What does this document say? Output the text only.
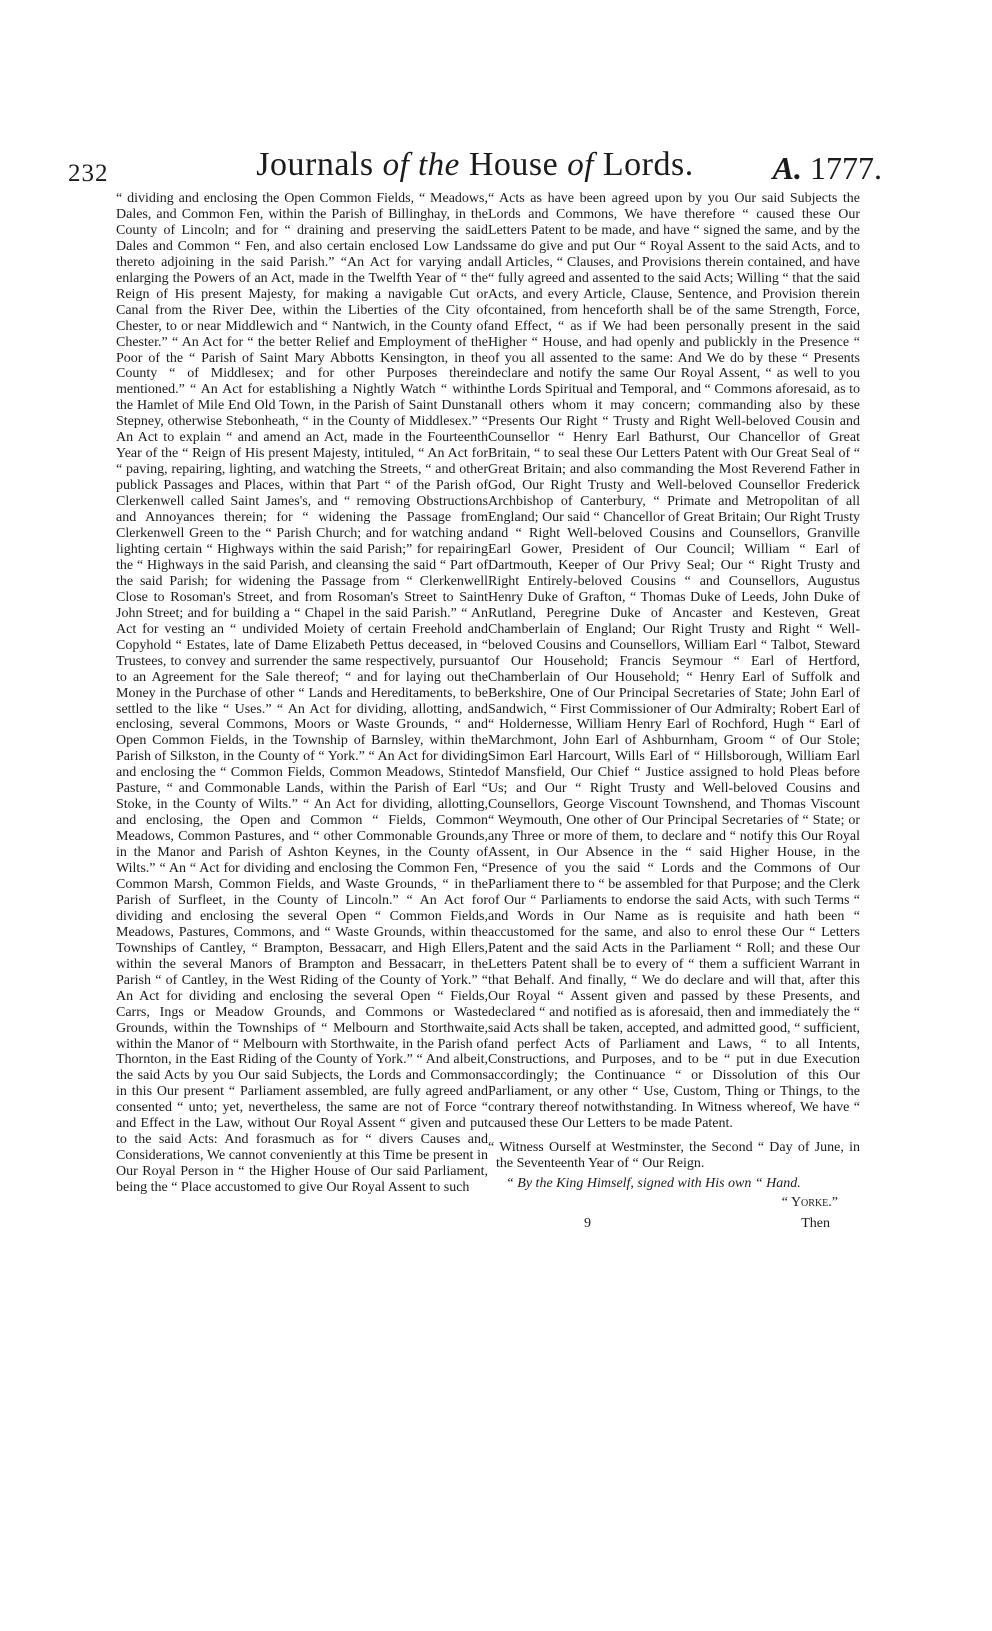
232	Journals of the House of Lords.	A. 1777.

“ dividing and enclosing the Open Common Fields, “ Meadows, Dales, and Common Fen, within the Parish of Billinghay, in the County of Lincoln; and for “ draining and preserving the said Dales and Common “ Fen, and also certain enclosed Low Lands thereto adjoining in the said Parish.” “An Act for varying and enlarging the Powers of an Act, made in the Twelfth Year of “ the Reign of His present Majesty, for making a navigable Cut or Canal from the River Dee, within the Liberties of the City of Chester, to or near Middlewich and “ Nantwich, in the County of Chester.” “ An Act for “ the better Relief and Employment of the Poor of the “ Parish of Saint Mary Abbotts Kensington, in the County “ of Middlesex; and for other Purposes therein mentioned.” “ An Act for establishing a Nightly Watch “ within the Hamlet of Mile End Old Town, in the Parish of Saint Dunstan Stepney, otherwise Stebonheath, “ in the County of Middlesex.” “ An Act to explain “ and amend an Act, made in the Fourteenth Year of the “ Reign of His present Majesty, intituled, “ An Act for “ paving, repairing, lighting, and watching the Streets, “ and other publick Passages and Places, within that Part “ of the Parish of Clerkenwell called Saint James's, and “ removing Obstructions and Annoyances therein; for “ widening the Passage from Clerkenwell Green to the “ Parish Church; and for watching and lighting certain “ Highways within the said Parish;” for repairing the “ Highways in the said Parish, and cleansing the said “ Part of the said Parish; for widening the Passage from “ Clerkenwell Close to Rosoman's Street, and from Rosoman's Street to Saint John Street; and for building a “ Chapel in the said Parish.” “ An Act for vesting an “ undivided Moiety of certain Freehold and Copyhold “ Estates, late of Dame Elizabeth Pettus deceased, in “ Trustees, to convey and surrender the same respectively, pursuant to an Agreement for the Sale thereof; “ and for laying out the Money in the Purchase of other “ Lands and Hereditaments, to be settled to the like “ Uses.” “ An Act for dividing, allotting, and enclosing, several Commons, Moors or Waste Grounds, “ and Open Common Fields, in the Township of Barnsley, within the Parish of Silkston, in the County of “ York.” “ An Act for dividing and enclosing the “ Common Fields, Common Meadows, Stinted Pasture, “ and Commonable Lands, within the Parish of Earl “ Stoke, in the County of Wilts.” “ An Act for dividing, allotting, and enclosing, the Open and Common “ Fields, Common Meadows, Common Pastures, and “ other Commonable Grounds, in the Manor and Parish of Ashton Keynes, in the County of Wilts.” “ An “ Act for dividing and enclosing the Common Fen, “ Common Marsh, Common Fields, and Waste Grounds, “ in the Parish of Surfleet, in the County of Lincoln.” “ An Act for dividing and enclosing the several Open “ Common Fields, Meadows, Pastures, Commons, and “ Waste Grounds, within the Townships of Cantley, “ Brampton, Bessacarr, and High Ellers, within the several Manors of Brampton and Bessacarr, in the Parish “ of Cantley, in the West Riding of the County of York.” “ An Act for dividing and enclosing the several Open “ Fields, Carrs, Ings or Meadow Grounds, and Commons or Waste Grounds, within the Townships of “ Melbourn and Storthwaite, within the Manor of “ Melbourn with Storthwaite, in the Parish of Thornton, in the East Riding of the County of York.” “ And albeit, the said Acts by you Our said Subjects, the Lords and Commons in this Our present “ Parliament assembled, are fully agreed and consented “ unto; yet, nevertheless, the same are not of Force “ and Effect in the Law, without Our Royal Assent “ given and put to the said Acts: And forasmuch as for “ divers Causes and Considerations, We cannot conveniently at this Time be present in Our Royal Person in “ the Higher House of Our said Parliament, being the “ Place accustomed to give Our Royal Assent to such

“ Acts as have been agreed upon by you Our said Subjects the Lords and Commons, We have therefore “ caused these Our Letters Patent to be made, and have “ signed the same, and by the same do give and put Our “ Royal Assent to the said Acts, and to all Articles, “ Clauses, and Provisions therein contained, and have “ fully agreed and assented to the said Acts; Willing “ that the said Acts, and every Article, Clause, Sentence, and Provision therein contained, from henceforth shall be of the same Strength, Force, and Effect, “ as if We had been personally present in the said Higher “ House, and had openly and publickly in the Presence “ of you all assented to the same: And We do by these “ Presents declare and notify the same Our Royal Assent, “ as well to you the Lords Spiritual and Temporal, and “ Commons aforesaid, as to all others whom it may concern; commanding also by these Presents Our Right “ Trusty and Right Well-beloved Cousin and Counsellor “ Henry Earl Bathurst, Our Chancellor of Great Britain, “ to seal these Our Letters Patent with Our Great Seal of “ Great Britain; and also commanding the Most Reverend Father in God, Our Right Trusty and Well-beloved Counsellor Frederick Archbishop of Canterbury, “ Primate and Metropolitan of all England; Our said “ Chancellor of Great Britain; Our Right Trusty and “ Right Well-beloved Cousins and Counsellors, Granville Earl Gower, President of Our Council; William “ Earl of Dartmouth, Keeper of Our Privy Seal; Our “ Right Trusty and Right Entirely-beloved Cousins “ and Counsellors, Augustus Henry Duke of Grafton, “ Thomas Duke of Leeds, John Duke of Rutland, Peregrine Duke of Ancaster and Kesteven, Great Chamberlain of England; Our Right Trusty and Right “ Well-beloved Cousins and Counsellors, William Earl “ Talbot, Steward of Our Household; Francis Seymour “ Earl of Hertford, Chamberlain of Our Household; “ Henry Earl of Suffolk and Berkshire, One of Our Principal Secretaries of State; John Earl of Sandwich, “ First Commissioner of Our Admiralty; Robert Earl of “ Holdernesse, William Henry Earl of Rochford, Hugh “ Earl of Marchmont, John Earl of Ashburnham, Groom “ of Our Stole; Simon Earl Harcourt, Wills Earl of “ Hillsborough, William Earl of Mansfield, Our Chief “ Justice assigned to hold Pleas before Us; and Our “ Right Trusty and Well-beloved Cousins and Counsellors, George Viscount Townshend, and Thomas Viscount “ Weymouth, One other of Our Principal Secretaries of “ State; or any Three or more of them, to declare and “ notify this Our Royal Assent, in Our Absence in the “ said Higher House, in the Presence of you the said “ Lords and the Commons of Our Parliament there to “ be assembled for that Purpose; and the Clerk of Our “ Parliaments to endorse the said Acts, with such Terms “ and Words in Our Name as is requisite and hath been “ accustomed for the same, and also to enrol these Our “ Letters Patent and the said Acts in the Parliament “ Roll; and these Our Letters Patent shall be to every of “ them a sufficient Warrant in that Behalf. And finally, “ We do declare and will that, after this Our Royal “ Assent given and passed by these Presents, and declared “ and notified as is aforesaid, then and immediately the “ said Acts shall be taken, accepted, and admitted good, “ sufficient, and perfect Acts of Parliament and Laws, “ to all Intents, Constructions, and Purposes, and to be “ put in due Execution accordingly; the Continuance “ or Dissolution of this Our Parliament, or any other “ Use, Custom, Thing or Things, to the contrary thereof notwithstanding. In Witness whereof, We have “ caused these Our Letters to be made Patent.

“ Witness Ourself at Westminster, the Second “ Day of June, in the Seventeenth Year of “ Our Reign.

“ By the King Himself, signed with His own “ Hand.

“ Yorke.”

9	Then
